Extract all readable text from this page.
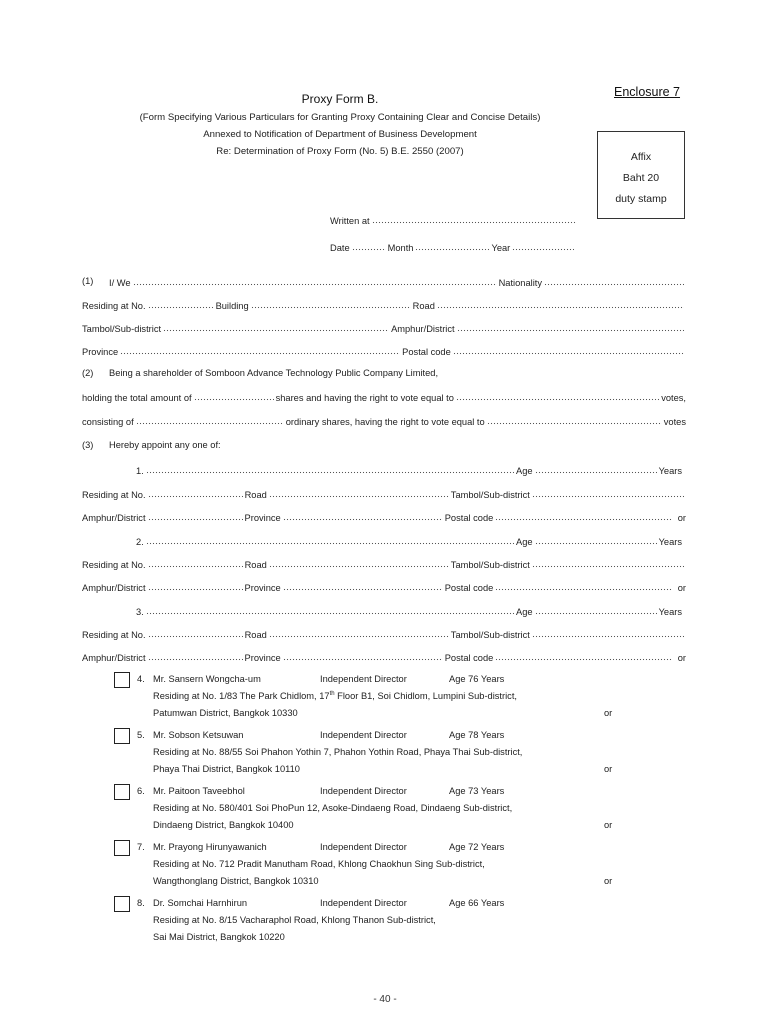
Enclosure 7
Proxy Form B.
(Form Specifying Various Particulars for Granting Proxy Containing Clear and Concise Details)
Annexed to Notification of Department of Business Development
Re: Determination of Proxy Form (No. 5) B.E. 2550 (2007)	Affix
Baht 20
duty stamp
Written at
Date	Month	Year
(1) I/ We	Nationality
Residing at No.	Building	Road
Tambol/Sub-district	Amphur/District
Province	Postal code
(2) Being a shareholder of Somboon Advance Technology Public Company Limited,
holding the total amount of	shares and having the right to vote equal to	votes,
consisting of	ordinary shares, having the right to vote equal to	votes
(3) Hereby appoint any one of:
1.	Age	Years
Residing at No.	Road	Tambol/Sub-district
Amphur/District	Province	Postal code	or
2.	Age	Years
Residing at No.	Road	Tambol/Sub-district
Amphur/District	Province	Postal code	or
3.	Age	Years
Residing at No.	Road	Tambol/Sub-district
Amphur/District	Province	Postal code	or
4. Mr. Sansern Wongcha-um	Independent Director	Age 76 Years
Residing at No. 1/83 The Park Chidlom, 17th Floor B1, Soi Chidlom, Lumpini Sub-district,
Patumwan District, Bangkok 10330	or
5. Mr. Sobson Ketsuwan	Independent Director	Age 78 Years
Residing at No. 88/55 Soi Phahon Yothin 7, Phahon Yothin Road, Phaya Thai Sub-district,
Phaya Thai District, Bangkok 10110	or
6. Mr. Paitoon Taveebhol	Independent Director	Age 73 Years
Residing at No. 580/401 Soi PhoPun 12, Asoke-Dindaeng Road, Dindaeng Sub-district,
Dindaeng District, Bangkok 10400	or
7. Mr. Prayong Hirunyawanich	Independent Director	Age 72 Years
Residing at No. 712 Pradit Manutham Road, Khlong Chaokhun Sing Sub-district,
Wangthonglang District, Bangkok 10310	or
8. Dr. Somchai Harnhirun	Independent Director	Age 66 Years
Residing at No. 8/15 Vacharaphol Road, Khlong Thanon Sub-district,
Sai Mai District, Bangkok 10220
- 40 -
